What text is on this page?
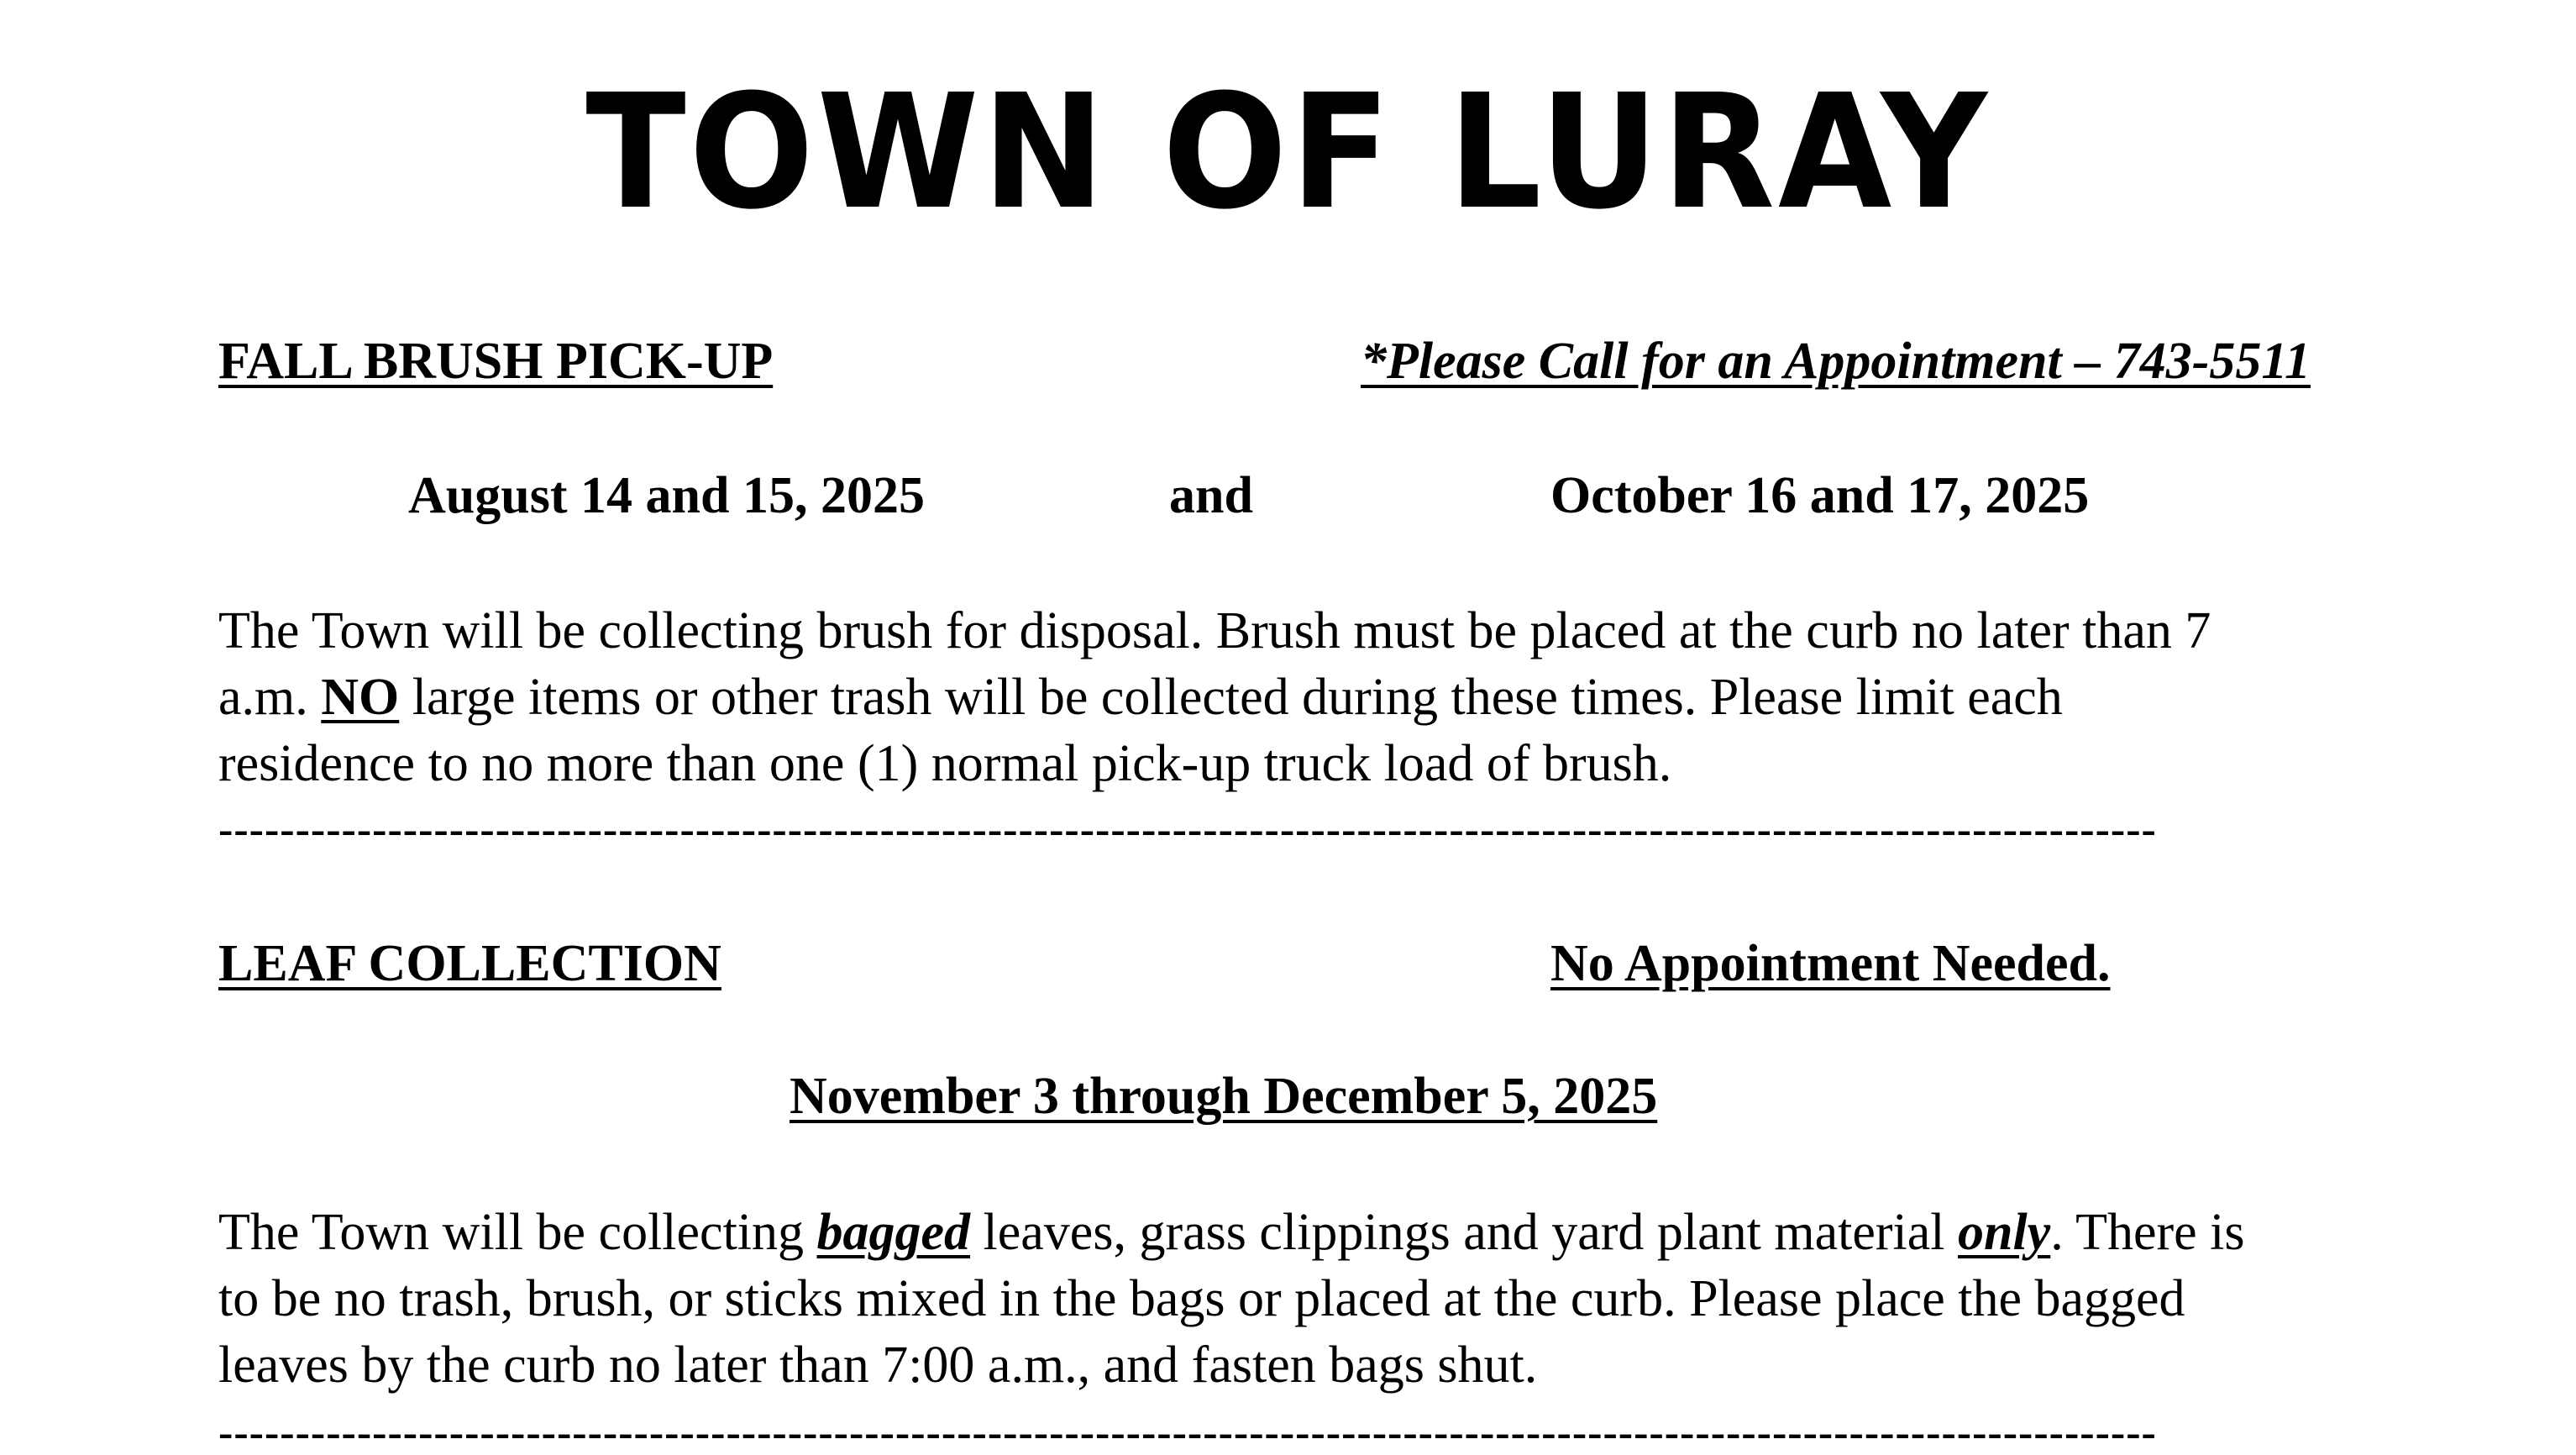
TOWN OF LURAY
FALL BRUSH PICK-UP	*Please Call for an Appointment – 743-5511
August 14 and 15, 2025	and	October 16 and 17, 2025
The Town will be collecting brush for disposal. Brush must be placed at the curb no later than 7
a.m. NO large items or other trash will be collected during these times. Please limit each
residence to no more than one (1) normal pick-up truck load of brush.
------------------------------------------------------------------------------------------------------------------------------
LEAF COLLECTION	No Appointment Needed.
November 3 through December 5, 2025
The Town will be collecting bagged leaves, grass clippings and yard plant material only. There is
to be no trash, brush, or sticks mixed in the bags or placed at the curb. Please place the bagged
leaves by the curb no later than 7:00 a.m., and fasten bags shut.
------------------------------------------------------------------------------------------------------------------------------
